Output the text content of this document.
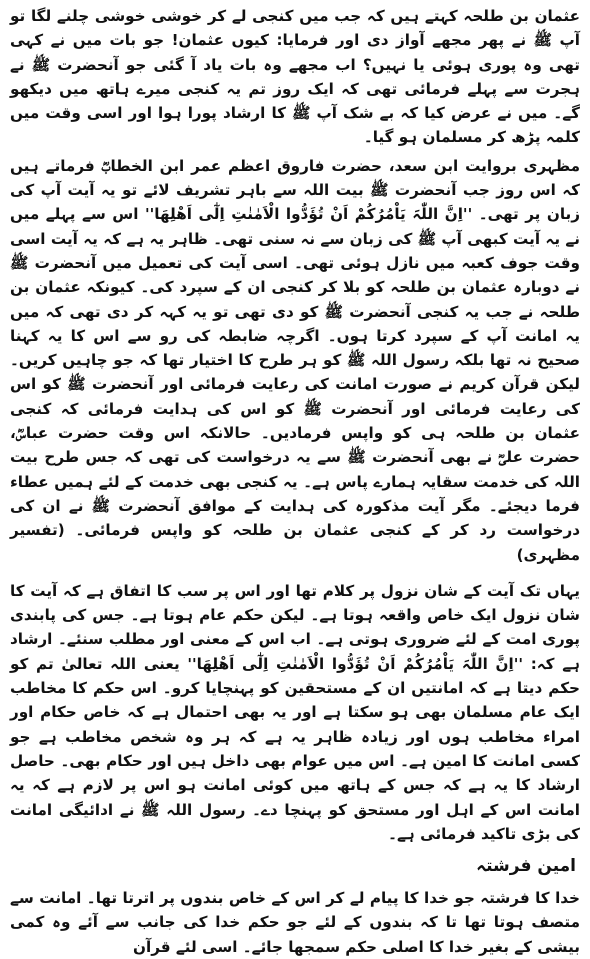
عثمان بن طلحہ کہتے ہیں کہ جب میں کنجی لے کر خوشی خوشی چلنے لگا تو آپ ﷺ نے پھر مجھے آواز دی اور فرمایا: کیوں عثمان! جو بات میں نے کہی تھی وہ پوری ہوئی یا نہیں؟ اب مجھے وہ بات یاد آ گئی جو آنحضرت ﷺ نے ہجرت سے پہلے فرمائی تھی کہ ایک روز تم یہ کنجی میرے ہاتھ میں دیکھو گے۔ میں نے عرض کیا کہ بے شک آپ ﷺ کا ارشاد پورا ہوا اور اسی وقت میں کلمہ پڑھ کر مسلمان ہو گیا۔

مظہری بروایت ابن سعد، حضرت فاروق اعظم عمر ابن الخطابؓ فرماتے ہیں کہ اس روز جب آنحضرت ﷺ بیت اللہ سے باہر تشریف لائے تو یہ آیت آپ کی زبان پر تھی۔ ''اِنَّ اللّٰہَ یَاْمُرُکُمْ اَنْ تُؤَدُّوا الْاَمٰنٰتِ اِلٰٓی اَھْلِھَا'' اس سے پہلے میں نے یہ آیت کبھی آپ ﷺ کی زبان سے نہ سنی تھی۔ ظاہر یہ ہے کہ یہ آیت اسی وقت جوف کعبہ میں نازل ہوئی تھی۔ اسی آیت کی تعمیل میں آنحضرت ﷺ نے دوبارہ عثمان بن طلحہ کو بلا کر کنجی ان کے سپرد کی۔ کیونکہ عثمان بن طلحہ نے جب یہ کنجی آنحضرت ﷺ کو دی تھی تو یہ کہہ کر دی تھی کہ میں یہ امانت آپ کے سپرد کرتا ہوں۔ اگرچہ ضابطہ کی رو سے اس کا یہ کہنا صحیح نہ تھا بلکہ رسول اللہ ﷺ کو ہر طرح کا اختیار تھا کہ جو چاہیں کریں۔ لیکن قرآن کریم نے صورت امانت کی رعایت فرمائی اور آنحضرت ﷺ کو اس کی رعایت فرمائی اور آنحضرت ﷺ کو اس کی ہدایت فرمائی کہ کنجی عثمان بن طلحہ ہی کو واپس فرمادیں۔ حالانکہ اس وقت حضرت عباسؓ، حضرت علیؓ نے بھی آنحضرت ﷺ سے یہ درخواست کی تھی کہ جس طرح بیت اللہ کی خدمت سقایہ ہمارے پاس ہے۔ یہ کنجی بھی خدمت کے لئے ہمیں عطاء فرما دیجئے۔ مگر آیت مذکورہ کی ہدایت کے موافق آنحضرت ﷺ نے ان کی درخواست رد کر کے کنجی عثمان بن طلحہ کو واپس فرمائی۔ (تفسیر مظہری)

یہاں تک آیت کے شان نزول پر کلام تھا اور اس پر سب کا اتفاق ہے کہ آیت کا شان نزول ایک خاص واقعہ ہوتا ہے۔ لیکن حکم عام ہوتا ہے۔ جس کی پابندی پوری امت کے لئے ضروری ہوتی ہے۔ اب اس کے معنی اور مطلب سنئے۔ ارشاد ہے کہ: ''اِنَّ اللّٰہَ یَاْمُرُکُمْ اَنْ تُؤَدُّوا الْاَمٰنٰتِ اِلٰٓی اَھْلِھَا'' یعنی اللہ تعالیٰ تم کو حکم دیتا ہے کہ امانتیں ان کے مستحقین کو پہنچایا کرو۔ اس حکم کا مخاطب ایک عام مسلمان بھی ہو سکتا ہے اور یہ بھی احتمال ہے کہ خاص حکام اور امراء مخاطب ہوں اور زیادہ ظاہر یہ ہے کہ ہر وہ شخص مخاطب ہے جو کسی امانت کا امین ہے۔ اس میں عوام بھی داخل ہیں اور حکام بھی۔ حاصل ارشاد کا یہ ہے کہ جس کے ہاتھ میں کوئی امانت ہو اس پر لازم ہے کہ یہ امانت اس کے اہل اور مستحق کو پہنچا دے۔ رسول اللہ ﷺ نے ادائیگی امانت کی بڑی تاکید فرمائی ہے۔

امین فرشتہ

خدا کا فرشتہ جو خدا کا پیام لے کر اس کے خاص بندوں پر اترتا تھا۔ امانت سے متصف ہوتا تھا تا کہ بندوں کے لئے جو حکم خدا کی جانب سے آئے وہ کمی بیشی کے بغیر خدا کا اصلی حکم سمجھا جائے۔ اسی لئے قرآن
